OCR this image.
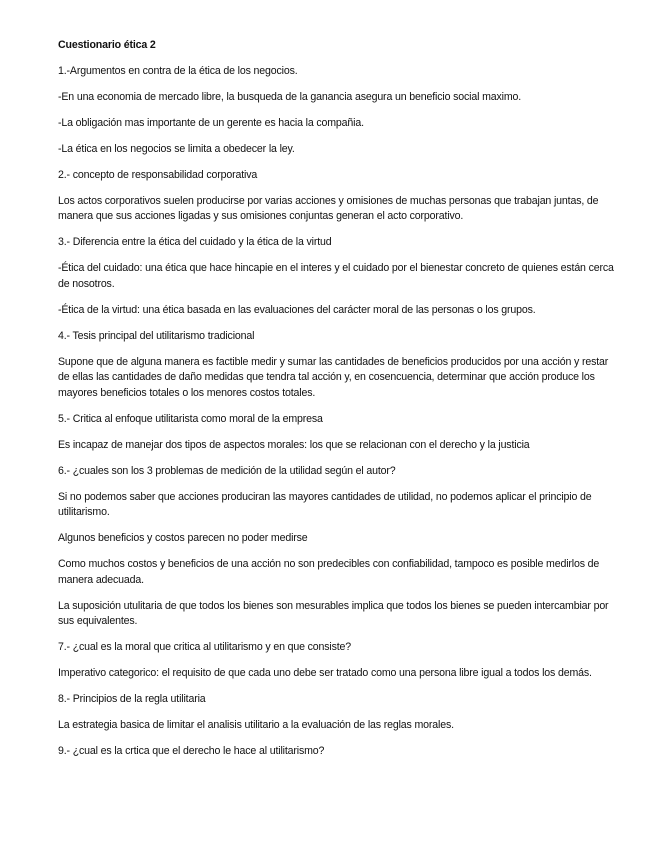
Cuestionario ética 2
1.-Argumentos en contra de la ética de los negocios.
-En una economia de mercado libre, la busqueda de la ganancia asegura un beneficio social maximo.
-La obligación mas importante de un gerente es hacia la compañia.
-La ética en los negocios se limita a obedecer la ley.
2.- concepto de responsabilidad corporativa
Los actos corporativos suelen producirse por varias acciones y omisiones de muchas personas que trabajan juntas, de manera que sus acciones ligadas y sus omisiones conjuntas generan el acto corporativo.
3.- Diferencia entre la ética del cuidado y la ética de la virtud
-Ética del cuidado: una ética que hace hincapie en el interes y el cuidado por el bienestar concreto de quienes están cerca de nosotros.
-Ética de la virtud: una ética basada en las evaluaciones del carácter moral de las personas o los grupos.
4.- Tesis principal del utilitarismo tradicional
Supone que de alguna manera es factible medir y sumar las cantidades de beneficios producidos por una acción y restar de ellas las cantidades de daño medidas que tendra tal acción y, en cosencuencia, determinar que acción produce los mayores beneficios totales o los menores costos totales.
5.- Critica al enfoque utilitarista como moral de la empresa
Es incapaz de manejar dos tipos de aspectos morales: los que se relacionan con el derecho y la justicia
6.- ¿cuales son los 3 problemas de medición de la utilidad según el autor?
Si no podemos saber que acciones produciran las mayores cantidades de utilidad, no podemos aplicar el principio de utilitarismo.
Algunos beneficios y costos parecen no poder medirse
Como muchos costos y beneficios de una acción no son predecibles con confiabilidad, tampoco es posible medirlos de manera adecuada.
La suposición utulitaria de que todos los bienes son mesurables implica que todos los bienes se pueden intercambiar por sus equivalentes.
7.- ¿cual es la moral que critica al utilitarismo y en que consiste?
Imperativo categorico: el requisito de que cada uno debe ser tratado como una persona libre igual a todos los demás.
8.- Principios de la regla utilitaria
La estrategia basica de limitar el analisis utilitario a la evaluación de las reglas morales.
9.- ¿cual es la crtica que el derecho le hace al utilitarismo?
